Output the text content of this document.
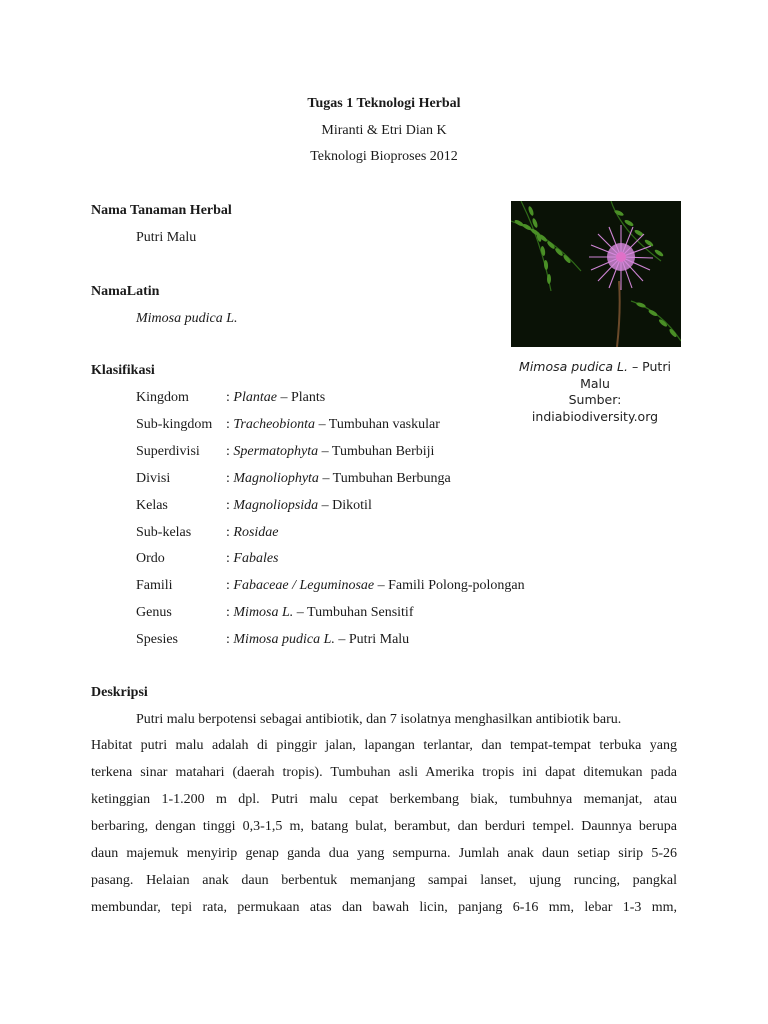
Tugas 1 Teknologi Herbal
Miranti & Etri Dian K
Teknologi Bioproses 2012
Nama Tanaman Herbal
Putri Malu
NamaLatin
Mimosa pudica L.
Mimosa pudica L. – Putri
Malu
Sumber:
indiabiodiversity.org
Klasifikasi
Kingdom	: Plantae – Plants
Sub-kingdom : Tracheobionta – Tumbuhan vaskular
Superdivisi : Spermatophyta – Tumbuhan Berbiji
Divisi	: Magnoliophyta – Tumbuhan Berbunga
Kelas	: Magnoliopsida – Dikotil
Sub-kelas : Rosidae
Ordo	: Fabales
Famili	: Fabaceae / Leguminosae – Famili Polong-polongan
Genus	: Mimosa L. – Tumbuhan Sensitif
Spesies	: Mimosa pudica L. – Putri Malu
Deskripsi
Putri malu berpotensi sebagai antibiotik, dan 7 isolatnya menghasilkan antibiotik baru.
Habitat putri malu adalah di pinggir jalan, lapangan terlantar, dan tempat-tempat terbuka yang
terkena sinar matahari (daerah tropis). Tumbuhan asli Amerika tropis ini dapat ditemukan pada
ketinggian 1-1.200 m dpl. Putri malu cepat berkembang biak, tumbuhnya memanjat, atau
berbaring, dengan tinggi 0,3-1,5 m, batang bulat, berambut, dan berduri tempel. Daunnya berupa
daun majemuk menyirip genap ganda dua yang sempurna. Jumlah anak daun setiap sirip 5-26
pasang. Helaian anak daun berbentuk memanjang sampai lanset, ujung runcing, pangkal
membundar, tepi rata, permukaan atas dan bawah licin, panjang 6-16 mm, lebar 1-3 mm,
